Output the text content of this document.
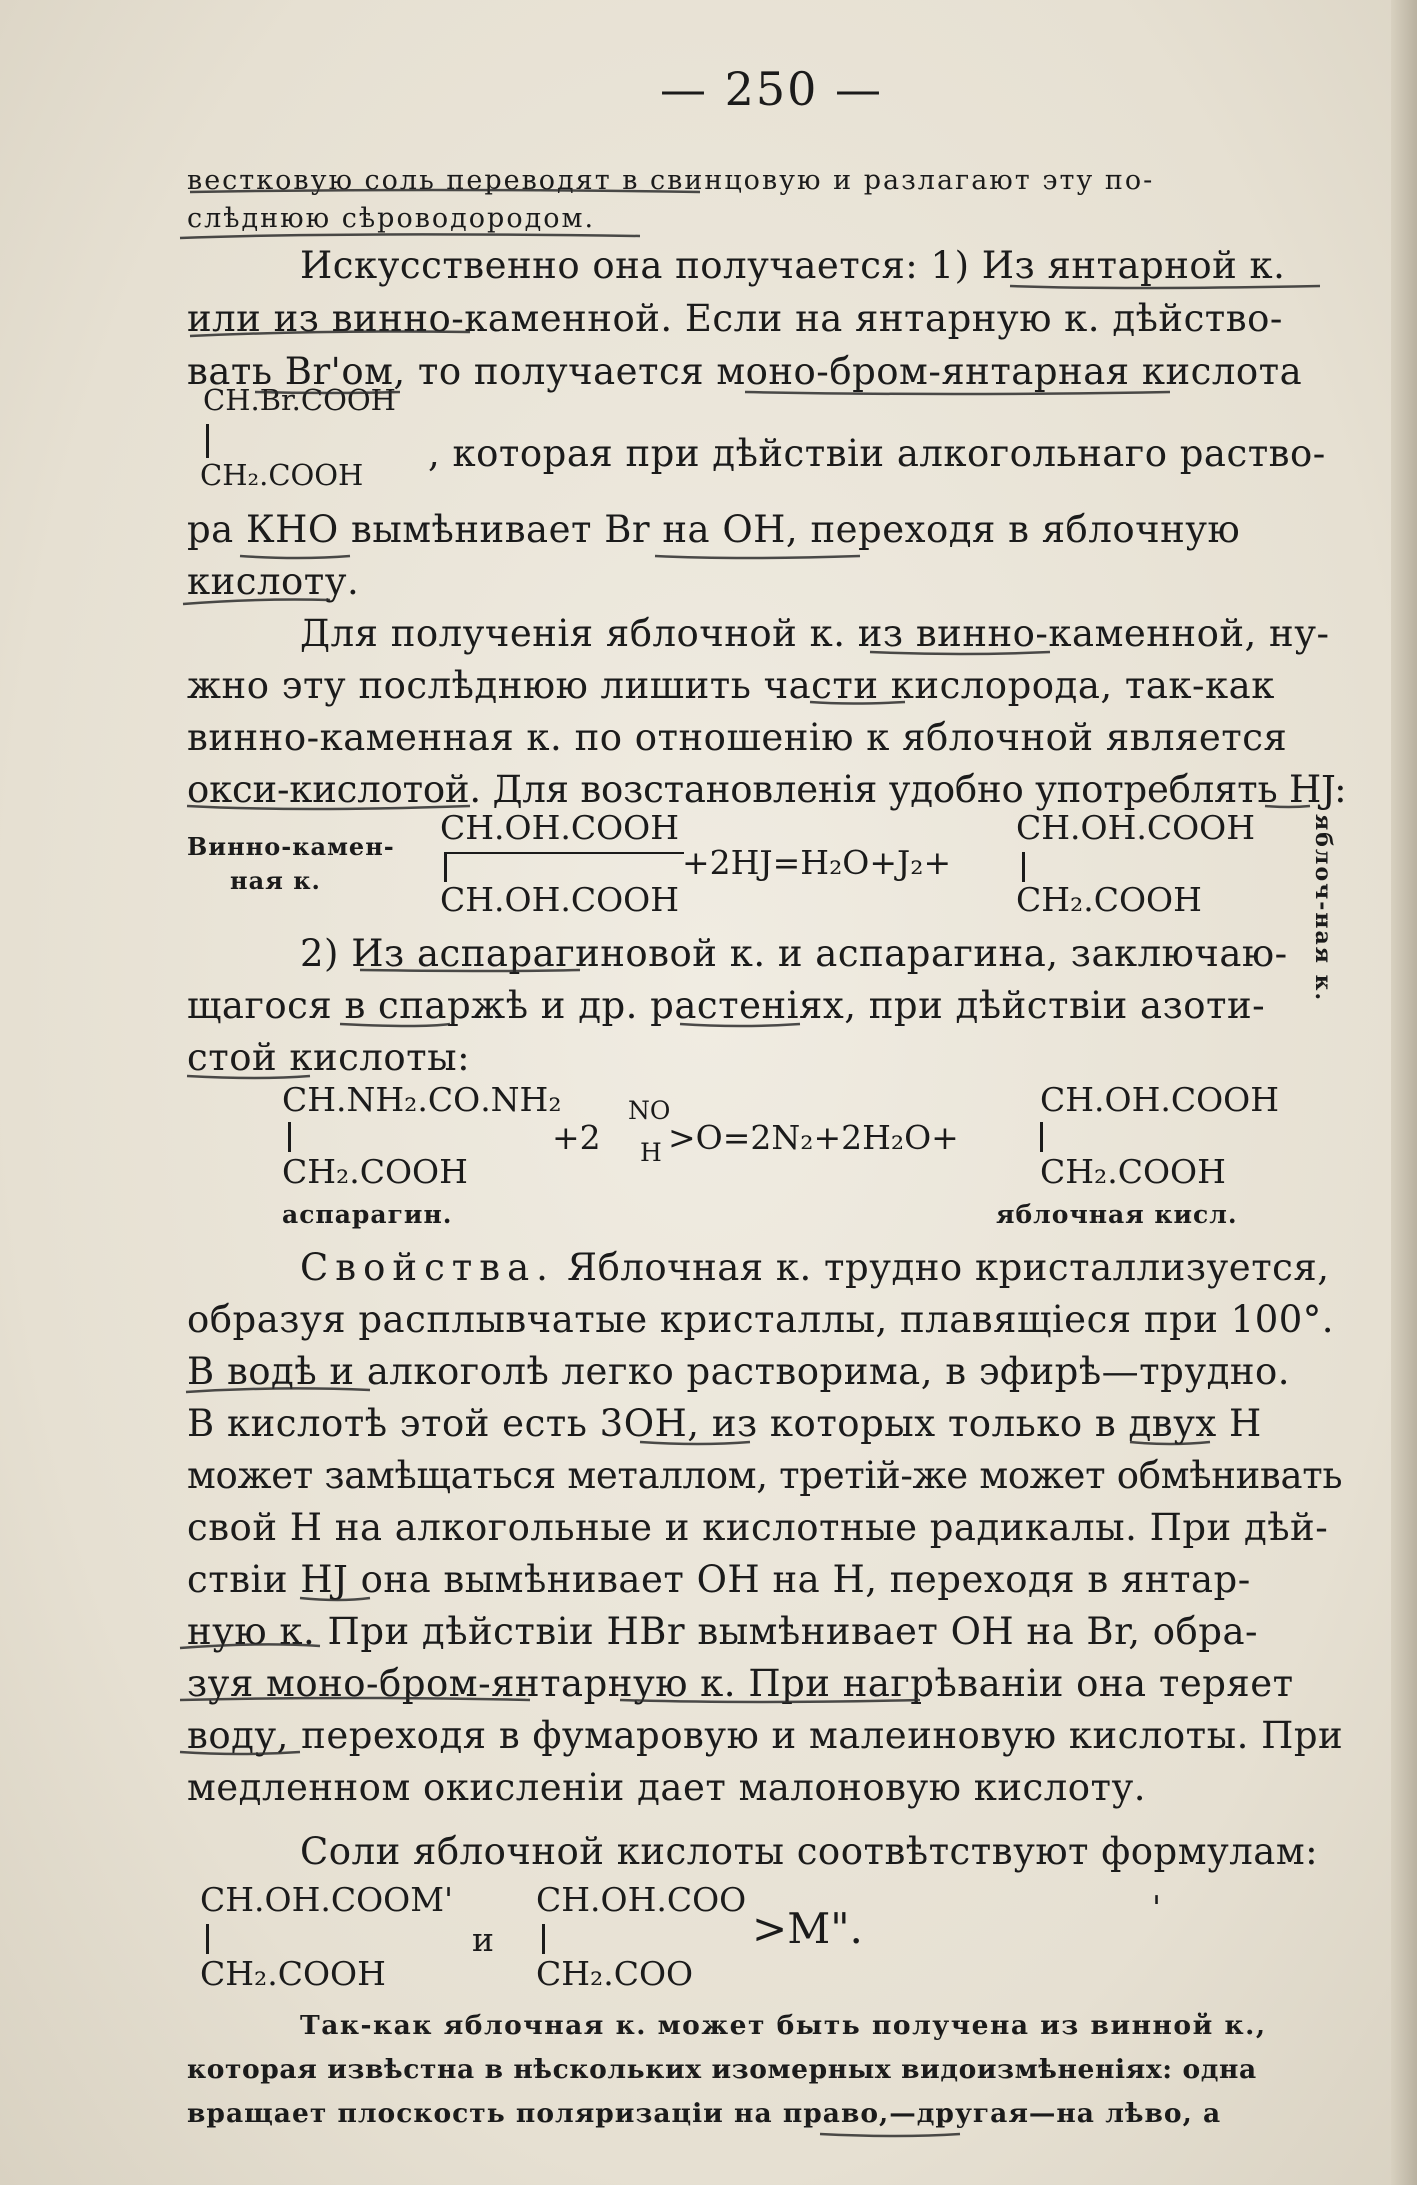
— 250 —
вестковую соль переводят в свинцовую и разлагают эту по-
слѣднюю сѣроводородом.
Искусственно она получается: 1) Из янтарной к.
или из винно-каменной. Если на янтарную к. дѣйство-
вать Br'ом, то получается моно-бром-янтарная кислота
СН.Вr.СООН
СН₂.СООН , которая при дѣйствіи алкогольнаго раство-
ра КНО вымѣнивает Br на ОН, переходя в яблочную
кислоту.
Для полученія яблочной к. из винно-каменной, ну-
жно эту послѣднюю лишить части кислорода, так-как
винно-каменная к. по отношенію к яблочной является
окси-кислотой. Для возстановленія удобно употреблять HJ:
Винно-камен-
ная к.
СН.ОН.СООН
СН.ОН.СООН
+2HJ=H₂O+J₂+
СН.ОН.СООН
СН₂.СООН	яблоч-ная к.
2) Из аспарагиновой к. и аспарагина, заключаю-
щагося в спаржѣ и др. растеніях, при дѣйствіи азоти-
стой кислоты:
СН.NH₂.СО.NH₂
СН₂.СООН
аспарагин.
+2
NO
H >O=2N₂+2H₂O+
СН.ОН.СООН
СН₂.СООН
яблочная кисл.
Свойства. Яблочная к. трудно кристаллизуется,
образуя расплывчатые кристаллы, плавящіеся при 100°.
В водѣ и алкоголѣ легко растворима, в эфирѣ—трудно.
В кислотѣ этой есть 3ОН, из которых только в двух Н
может замѣщаться металлом, третій-же может обмѣнивать
свой Н на алкогольные и кислотные радикалы. При дѣй-
ствіи HJ она вымѣнивает ОН на Н, переходя в янтар-
ную к. При дѣйствіи HBr вымѣнивает ОН на Br, обра-
зуя моно-бром-янтарную к. При нагрѣваніи она теряет
воду, переходя в фумаровую и малеиновую кислоты. При
медленном окисленіи дает малоновую кислоту.
Соли яблочной кислоты соотвѣтствуют формулам:
СН.ОН.СООМ'
СН₂.СООН
и
СН.ОН.СОО
СН₂.СОО
>M".	'
Так-как яблочная к. может быть получена из винной к.,
которая извѣстна в нѣскольких изомерных видоизмѣненіях: одна
вращает плоскость поляризаціи на право,—другая—на лѣво, а
